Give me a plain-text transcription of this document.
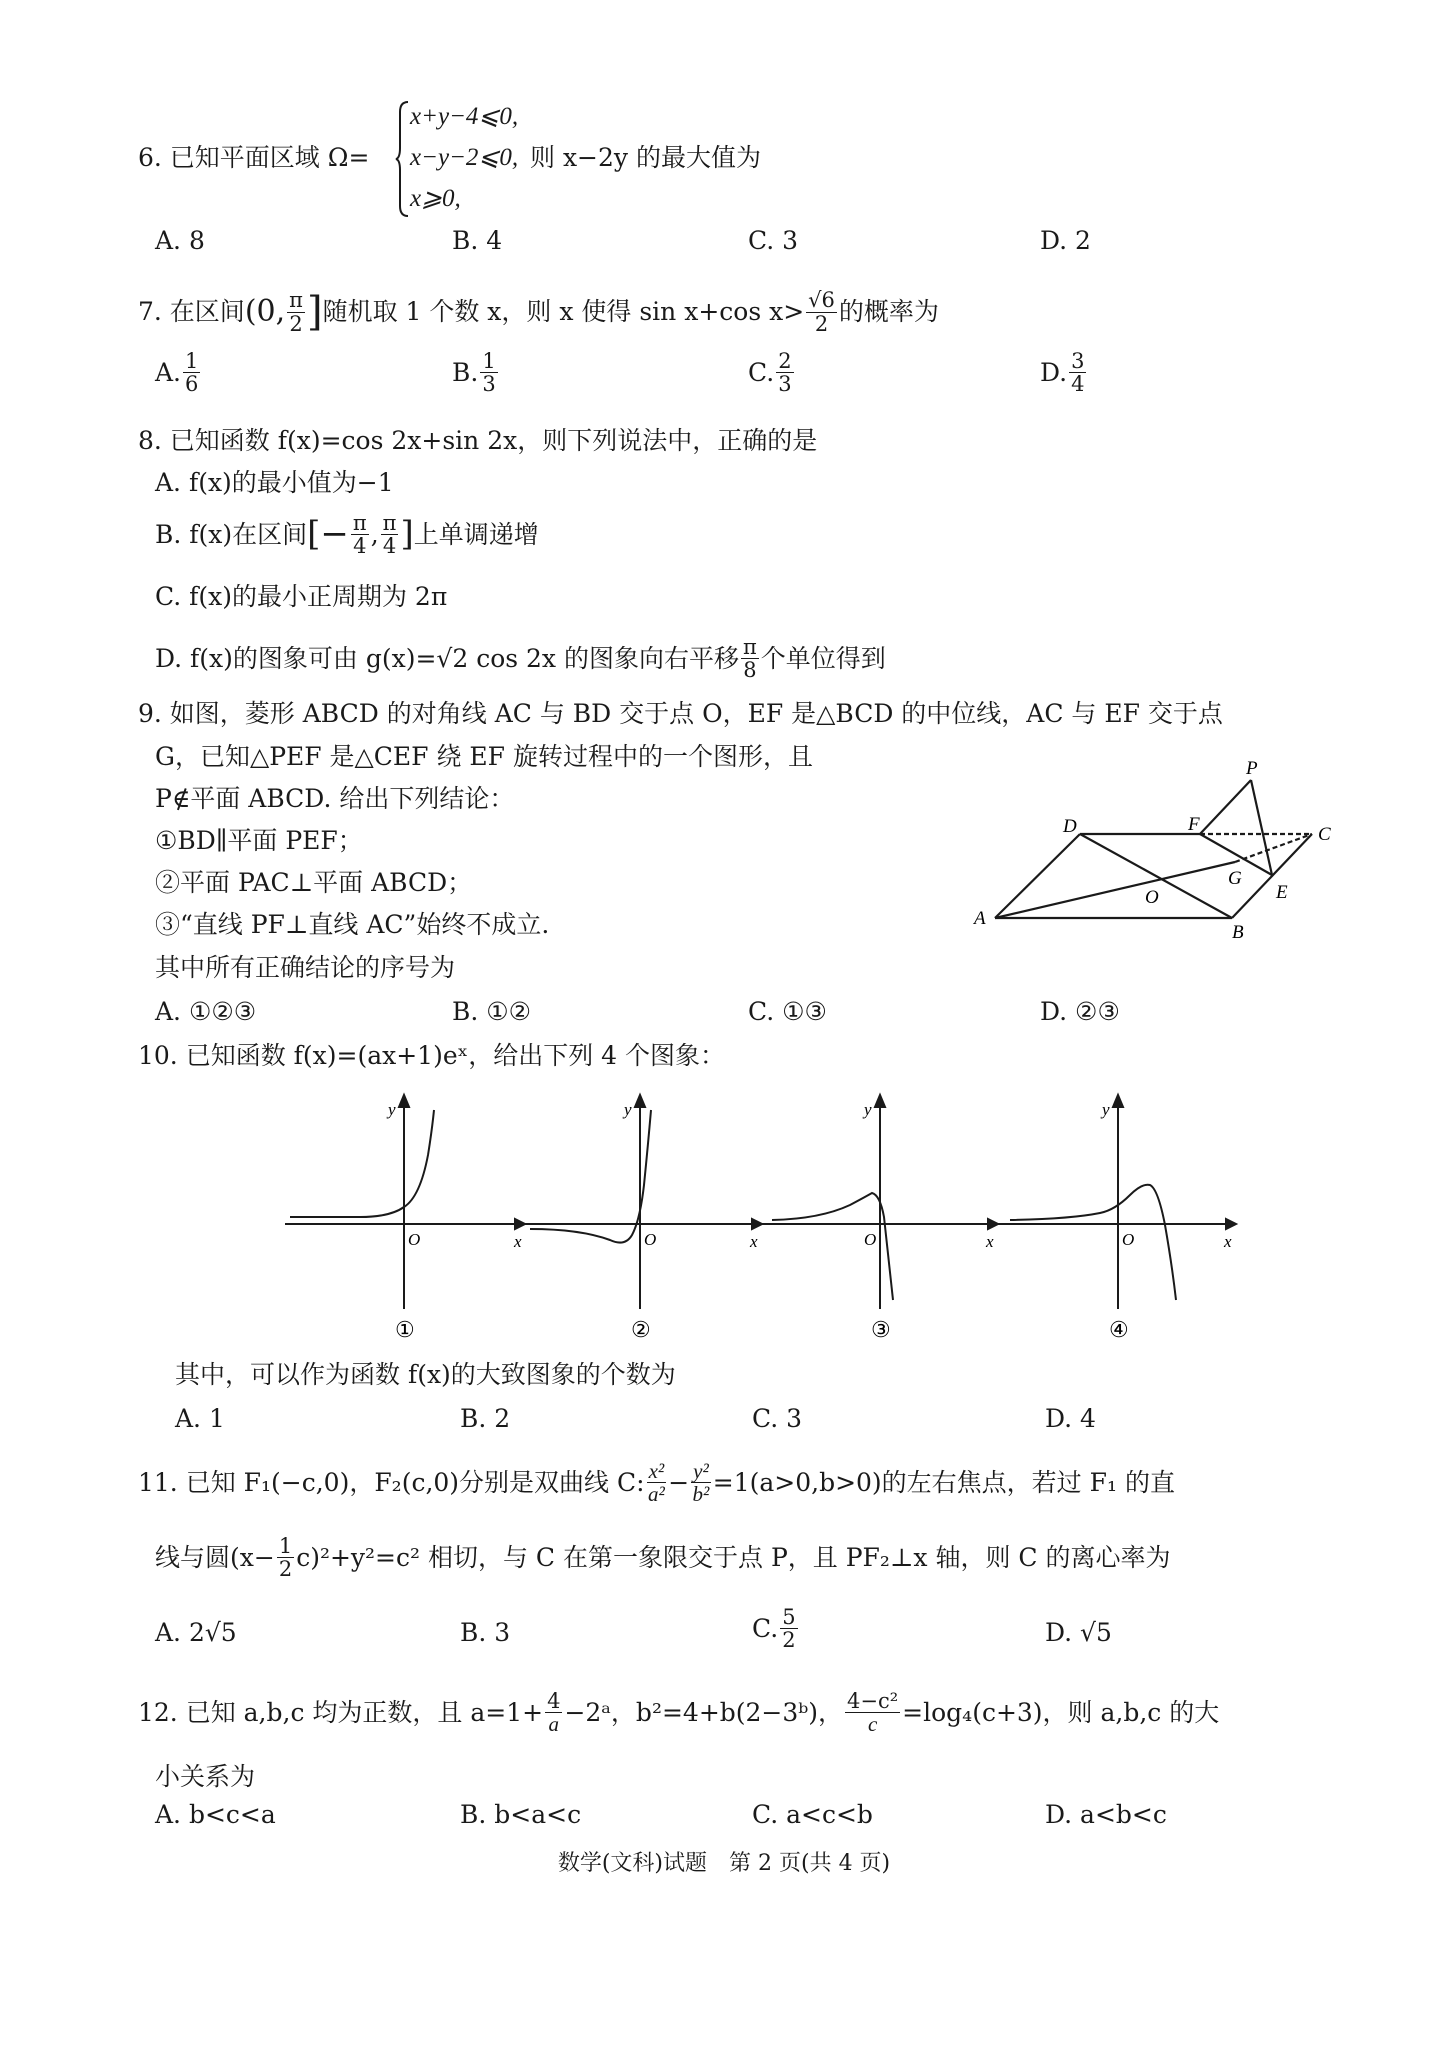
6. 已知平面区域 Ω=
x+y−4⩽0,
x−y−2⩽0,
x⩾0,
则 x−2y 的最大值为
A. 8	B. 4	C. 3	D. 2
7. 在区间 (0, $\frac{\pi}{2}$ ] 随机取 1 个数 x，则 x 使得 sin x+cos $x> \frac{√6}{2}$ 的概率为
A. $\frac{1}{6}$	B. $\frac{1}{3}$	C. $\frac{2}{3}$	D. $\frac{3}{4}$
8. 已知函数 f(x)=cos 2x+sin 2x，则下列说法中，正确的是
A. f(x)的最小值为−1
B. f(x)在区间 [− $\frac{\pi}{4}$ , $\frac{\pi}{4}$ ] 上单调递增
C. f(x)的最小正周期为 2π
D. f(x)的图象可由 g(x)=√2 cos 2x 的图象向右平移 $\frac{\pi}{8}$ 个单位得到
9. 如图，菱形 ABCD 的对角线 AC 与 BD 交于点 O，EF 是△BCD 的中位线，AC 与 EF 交于点
G，已知△PEF 是△CEF 绕 EF 旋转过程中的一个图形，且
P∉平面 ABCD. 给出下列结论：
①BD∥平面 PEF；
②平面 PAC⊥平面 ABCD；
③“直线 PF⊥直线 AC”始终不成立.
其中所有正确结论的序号为
A. ①②③	B. ①②	C. ①③	D. ②③
P
D	F	C
G
E
O
A
B
10. 已知函数 f(x)=(ax+1)eˣ，给出下列 4 个图象：
y
x
O
①
y
x
O
②
y
x
O
③
y
x
O
④
其中，可以作为函数 f(x)的大致图象的个数为
A. 1	B. 2	C. 3	D. 4
11. 已知 F₁(−c,0)，F₂(c,0)分别是双曲线 C: $\frac{\text{x²}}{\text{a²}} - \frac{\text{y²}}{\text{b²}} =1(a>0,b>0)$的左右焦点，若过 F₁ 的直
线与圆$(x- \frac{1}{2} c)^2+y^2=c^2$ 相切，与 C 在第一象限交于点 P，且 PF₂⊥x 轴，则 C 的离心率为
A. 2√5	B. 3	C. $\frac{5}{2}$	D. √5
12. 已知 a,b,c 均为正数，且 $a=1+ \frac{4}{a}$ −2ᵃ，b²=4+b(2−3ᵇ)， $\frac{\text{4−c²}}{c} =\log_4(c+3)$，则 a,b,c 的大
小关系为
A. b<c<a	B. b<a<c	C. a<c<b	D. a<b<c
数学(文科)试题　第 2 页(共 4 页)
